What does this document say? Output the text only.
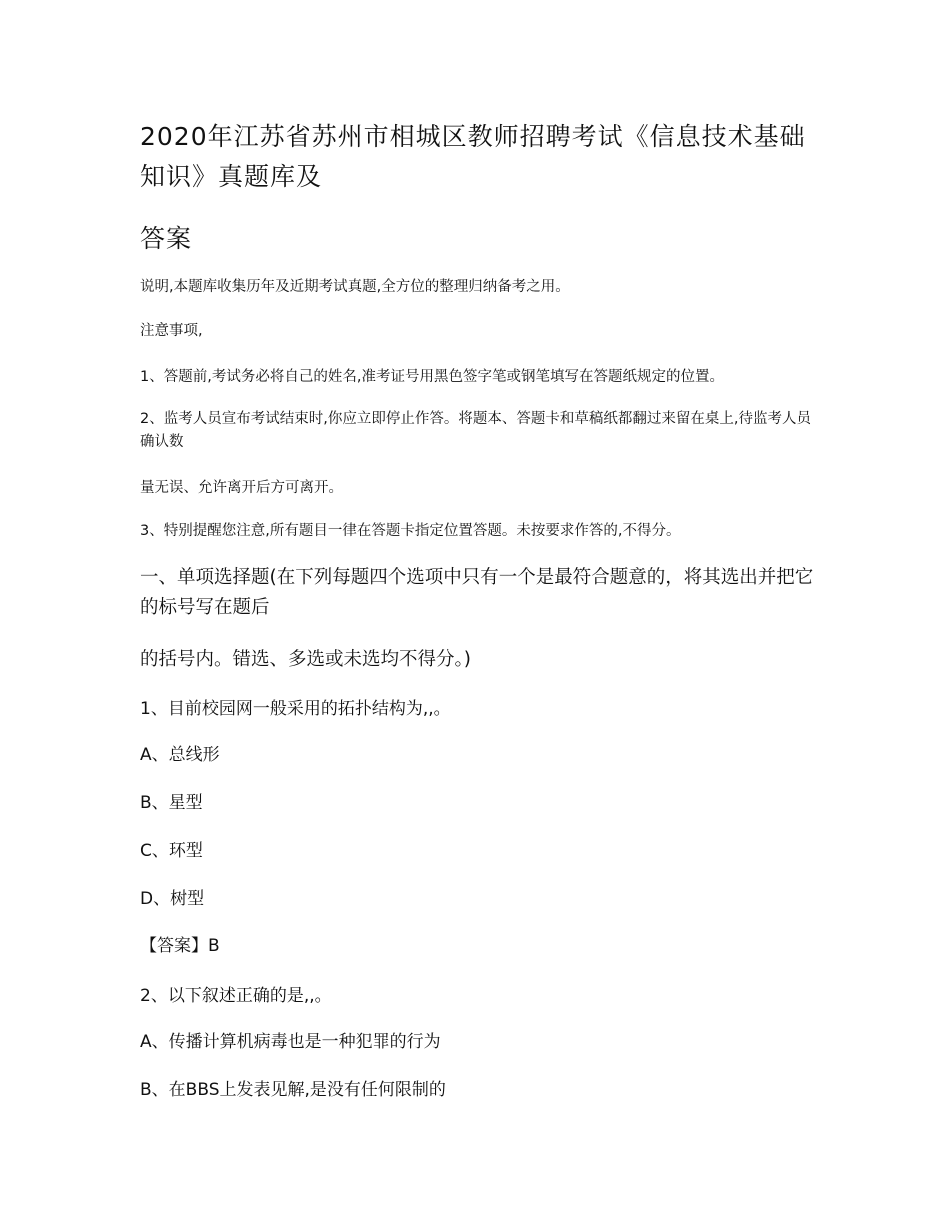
2020年江苏省苏州市相城区教师招聘考试《信息技术基础知识》真题库及
答案

说明,本题库收集历年及近期考试真题,全方位的整理归纳备考之用。

注意事项,

1、答题前,考试务必将自己的姓名,准考证号用黑色签字笔或钢笔填写在答题纸规定的位置。

2、监考人员宣布考试结束时,你应立即停止作答。将题本、答题卡和草稿纸都翻过来留在桌上,待监考人员确认数

量无误、允许离开后方可离开。

3、特别提醒您注意,所有题目一律在答题卡指定位置答题。未按要求作答的,不得分。

一、单项选择题(在下列每题四个选项中只有一个是最符合题意的，将其选出并把它的标号写在题后

的括号内。错选、多选或未选均不得分。)

1、目前校园网一般采用的拓扑结构为,,。

A、总线形

B、星型

C、环型

D、树型

【答案】B

2、以下叙述正确的是,,。

A、传播计算机病毒也是一种犯罪的行为

B、在BBS上发表见解,是没有任何限制的
